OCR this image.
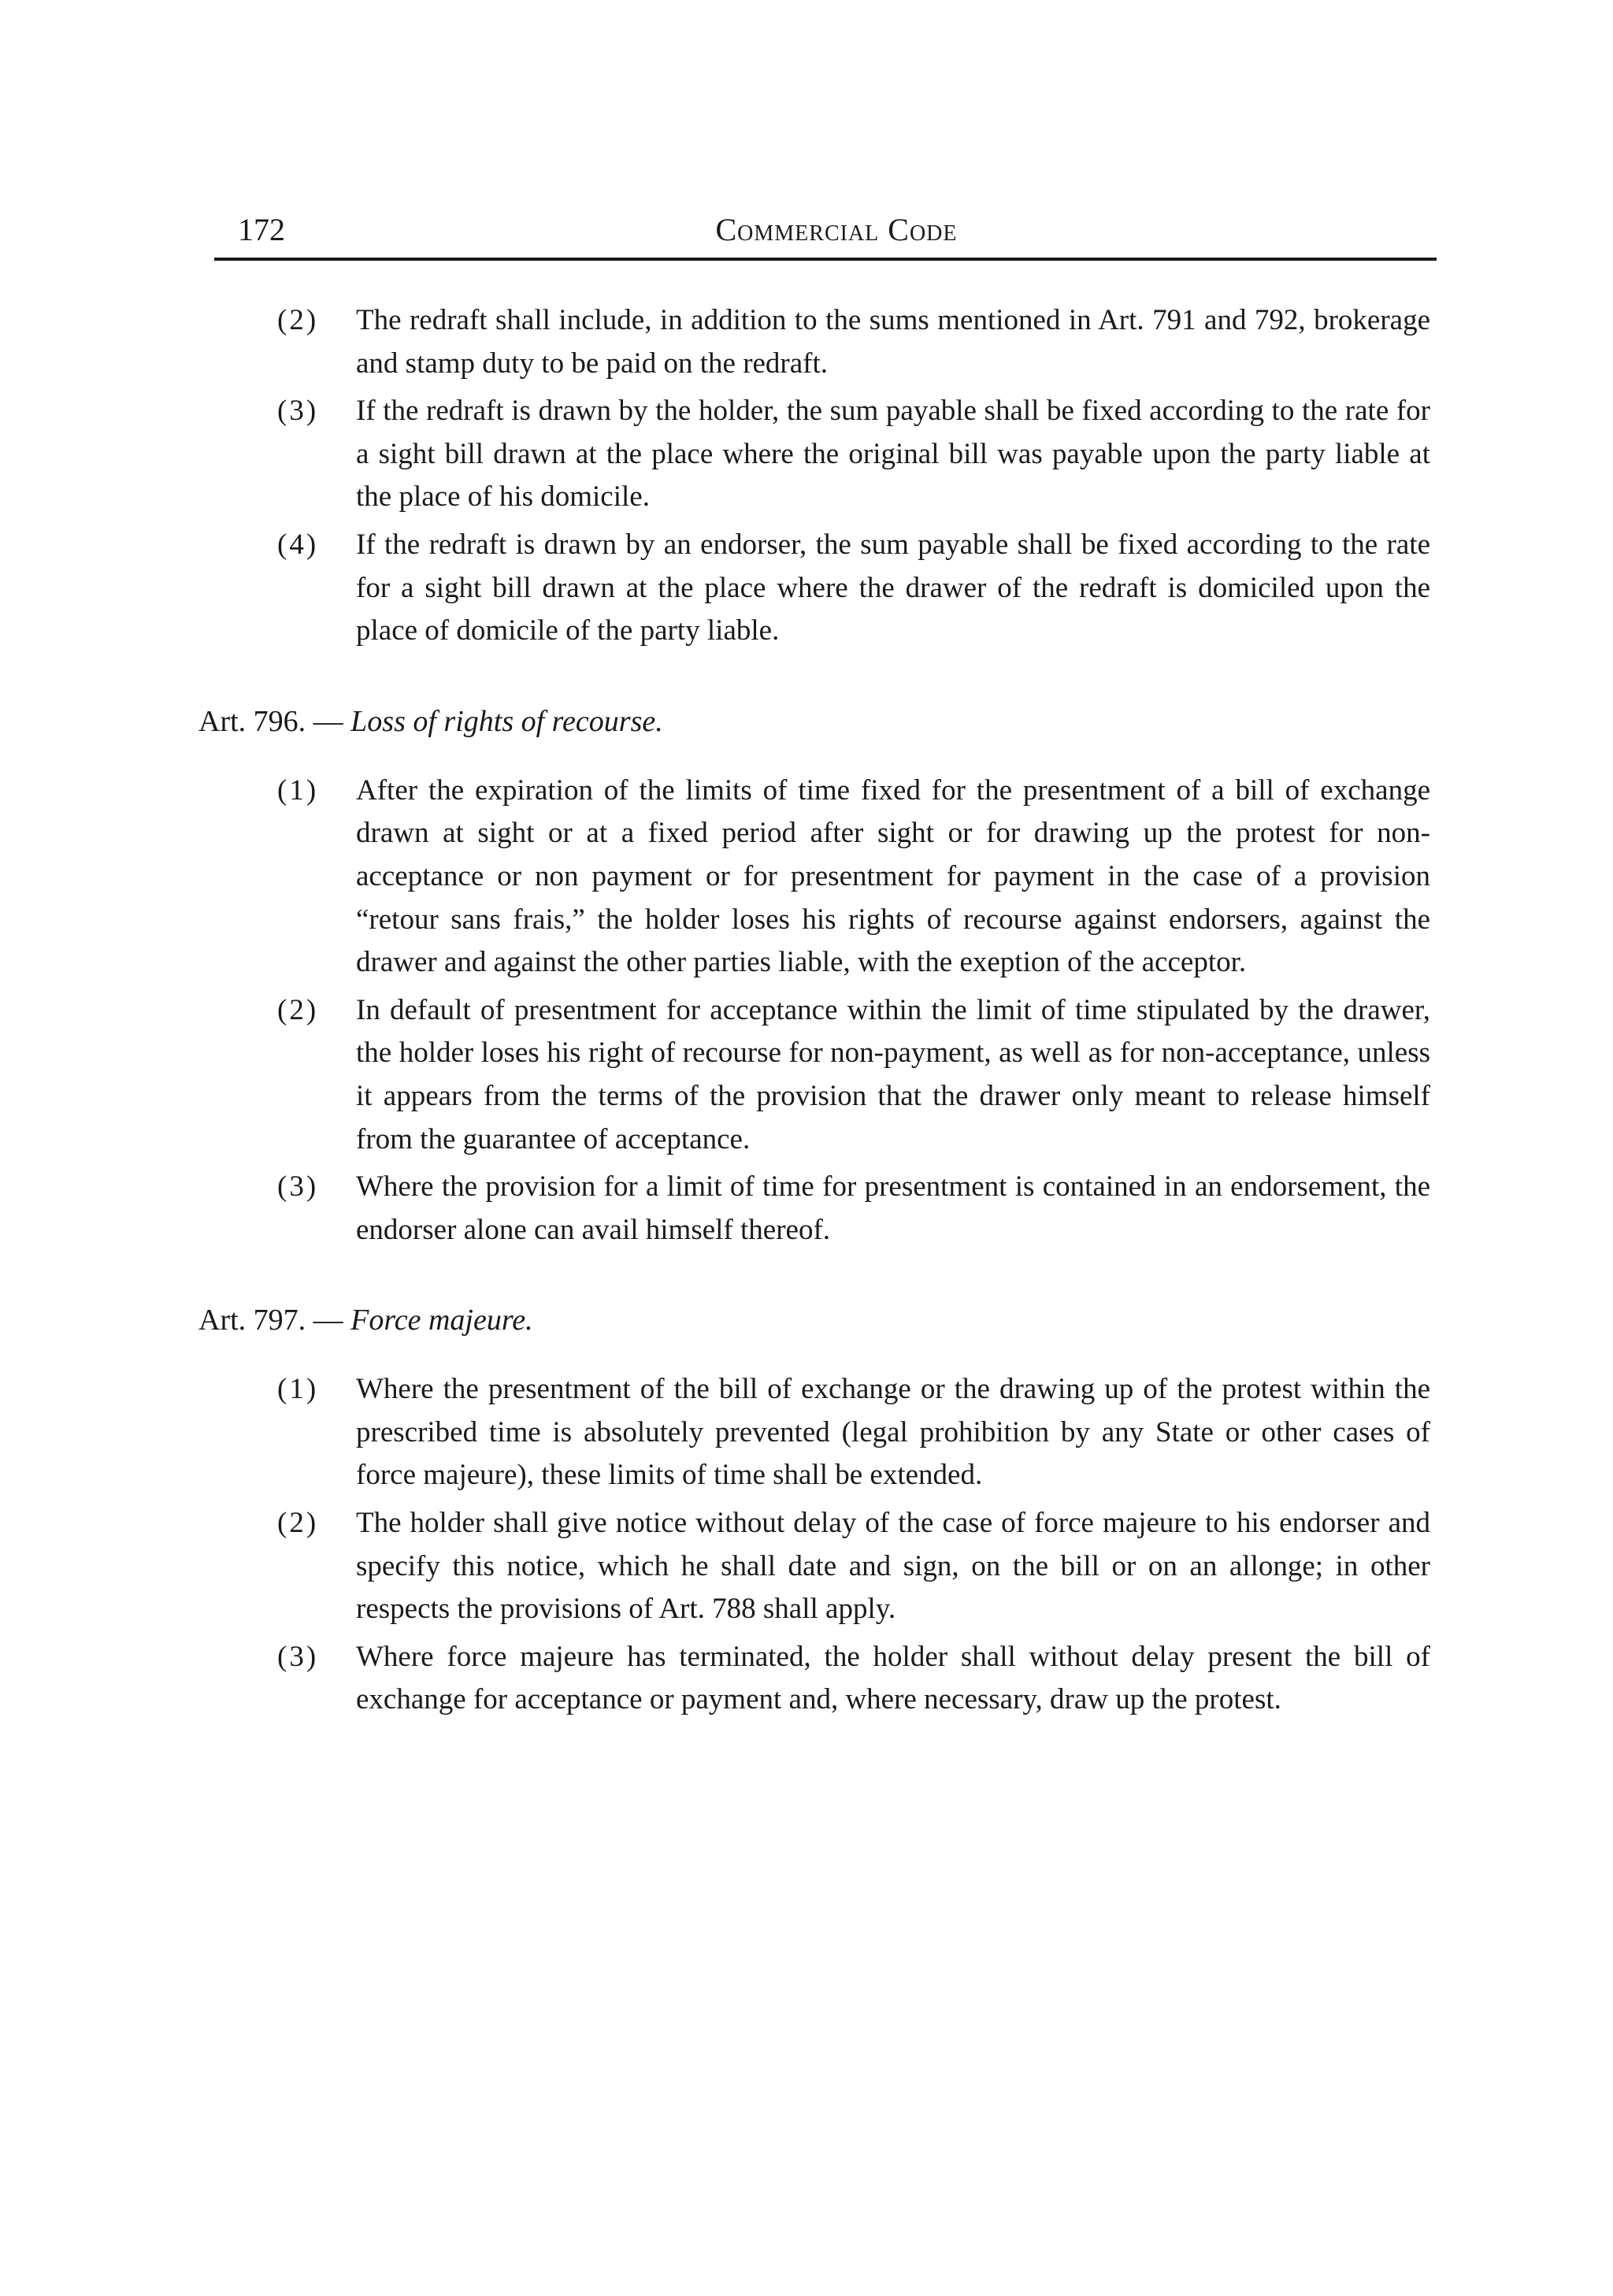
172	Commercial Code

(2)	The redraft shall include, in addition to the sums mentioned in Art. 791 and 792, brokerage and stamp duty to be paid on the redraft.

(3)	If the redraft is drawn by the holder, the sum payable shall be fixed according to the rate for a sight bill drawn at the place where the original bill was payable upon the party liable at the place of his domicile.

(4)	If the redraft is drawn by an endorser, the sum payable shall be fixed according to the rate for a sight bill drawn at the place where the drawer of the redraft is domiciled upon the place of domicile of the party liable.

Art. 796. — Loss of rights of recourse.

(1)	After the expiration of the limits of time fixed for the presentment of a bill of exchange drawn at sight or at a fixed period after sight or for drawing up the protest for non-acceptance or non payment or for presentment for payment in the case of a provision “retour sans frais,” the holder loses his rights of recourse against endorsers, against the drawer and against the other parties liable, with the exeption of the acceptor.

(2)	In default of presentment for acceptance within the limit of time stipulated by the drawer, the holder loses his right of recourse for non-payment, as well as for non-acceptance, unless it appears from the terms of the provision that the drawer only meant to release himself from the guarantee of acceptance.

(3)	Where the provision for a limit of time for presentment is contained in an endorsement, the endorser alone can avail himself thereof.

Art. 797. — Force majeure.

(1)	Where the presentment of the bill of exchange or the drawing up of the protest within the prescribed time is absolutely prevented (legal prohibition by any State or other cases of force majeure), these limits of time shall be extended.

(2)	The holder shall give notice without delay of the case of force majeure to his endorser and specify this notice, which he shall date and sign, on the bill or on an allonge; in other respects the provisions of Art. 788 shall apply.

(3)	Where force majeure has terminated, the holder shall without delay present the bill of exchange for acceptance or payment and, where necessary, draw up the protest.
